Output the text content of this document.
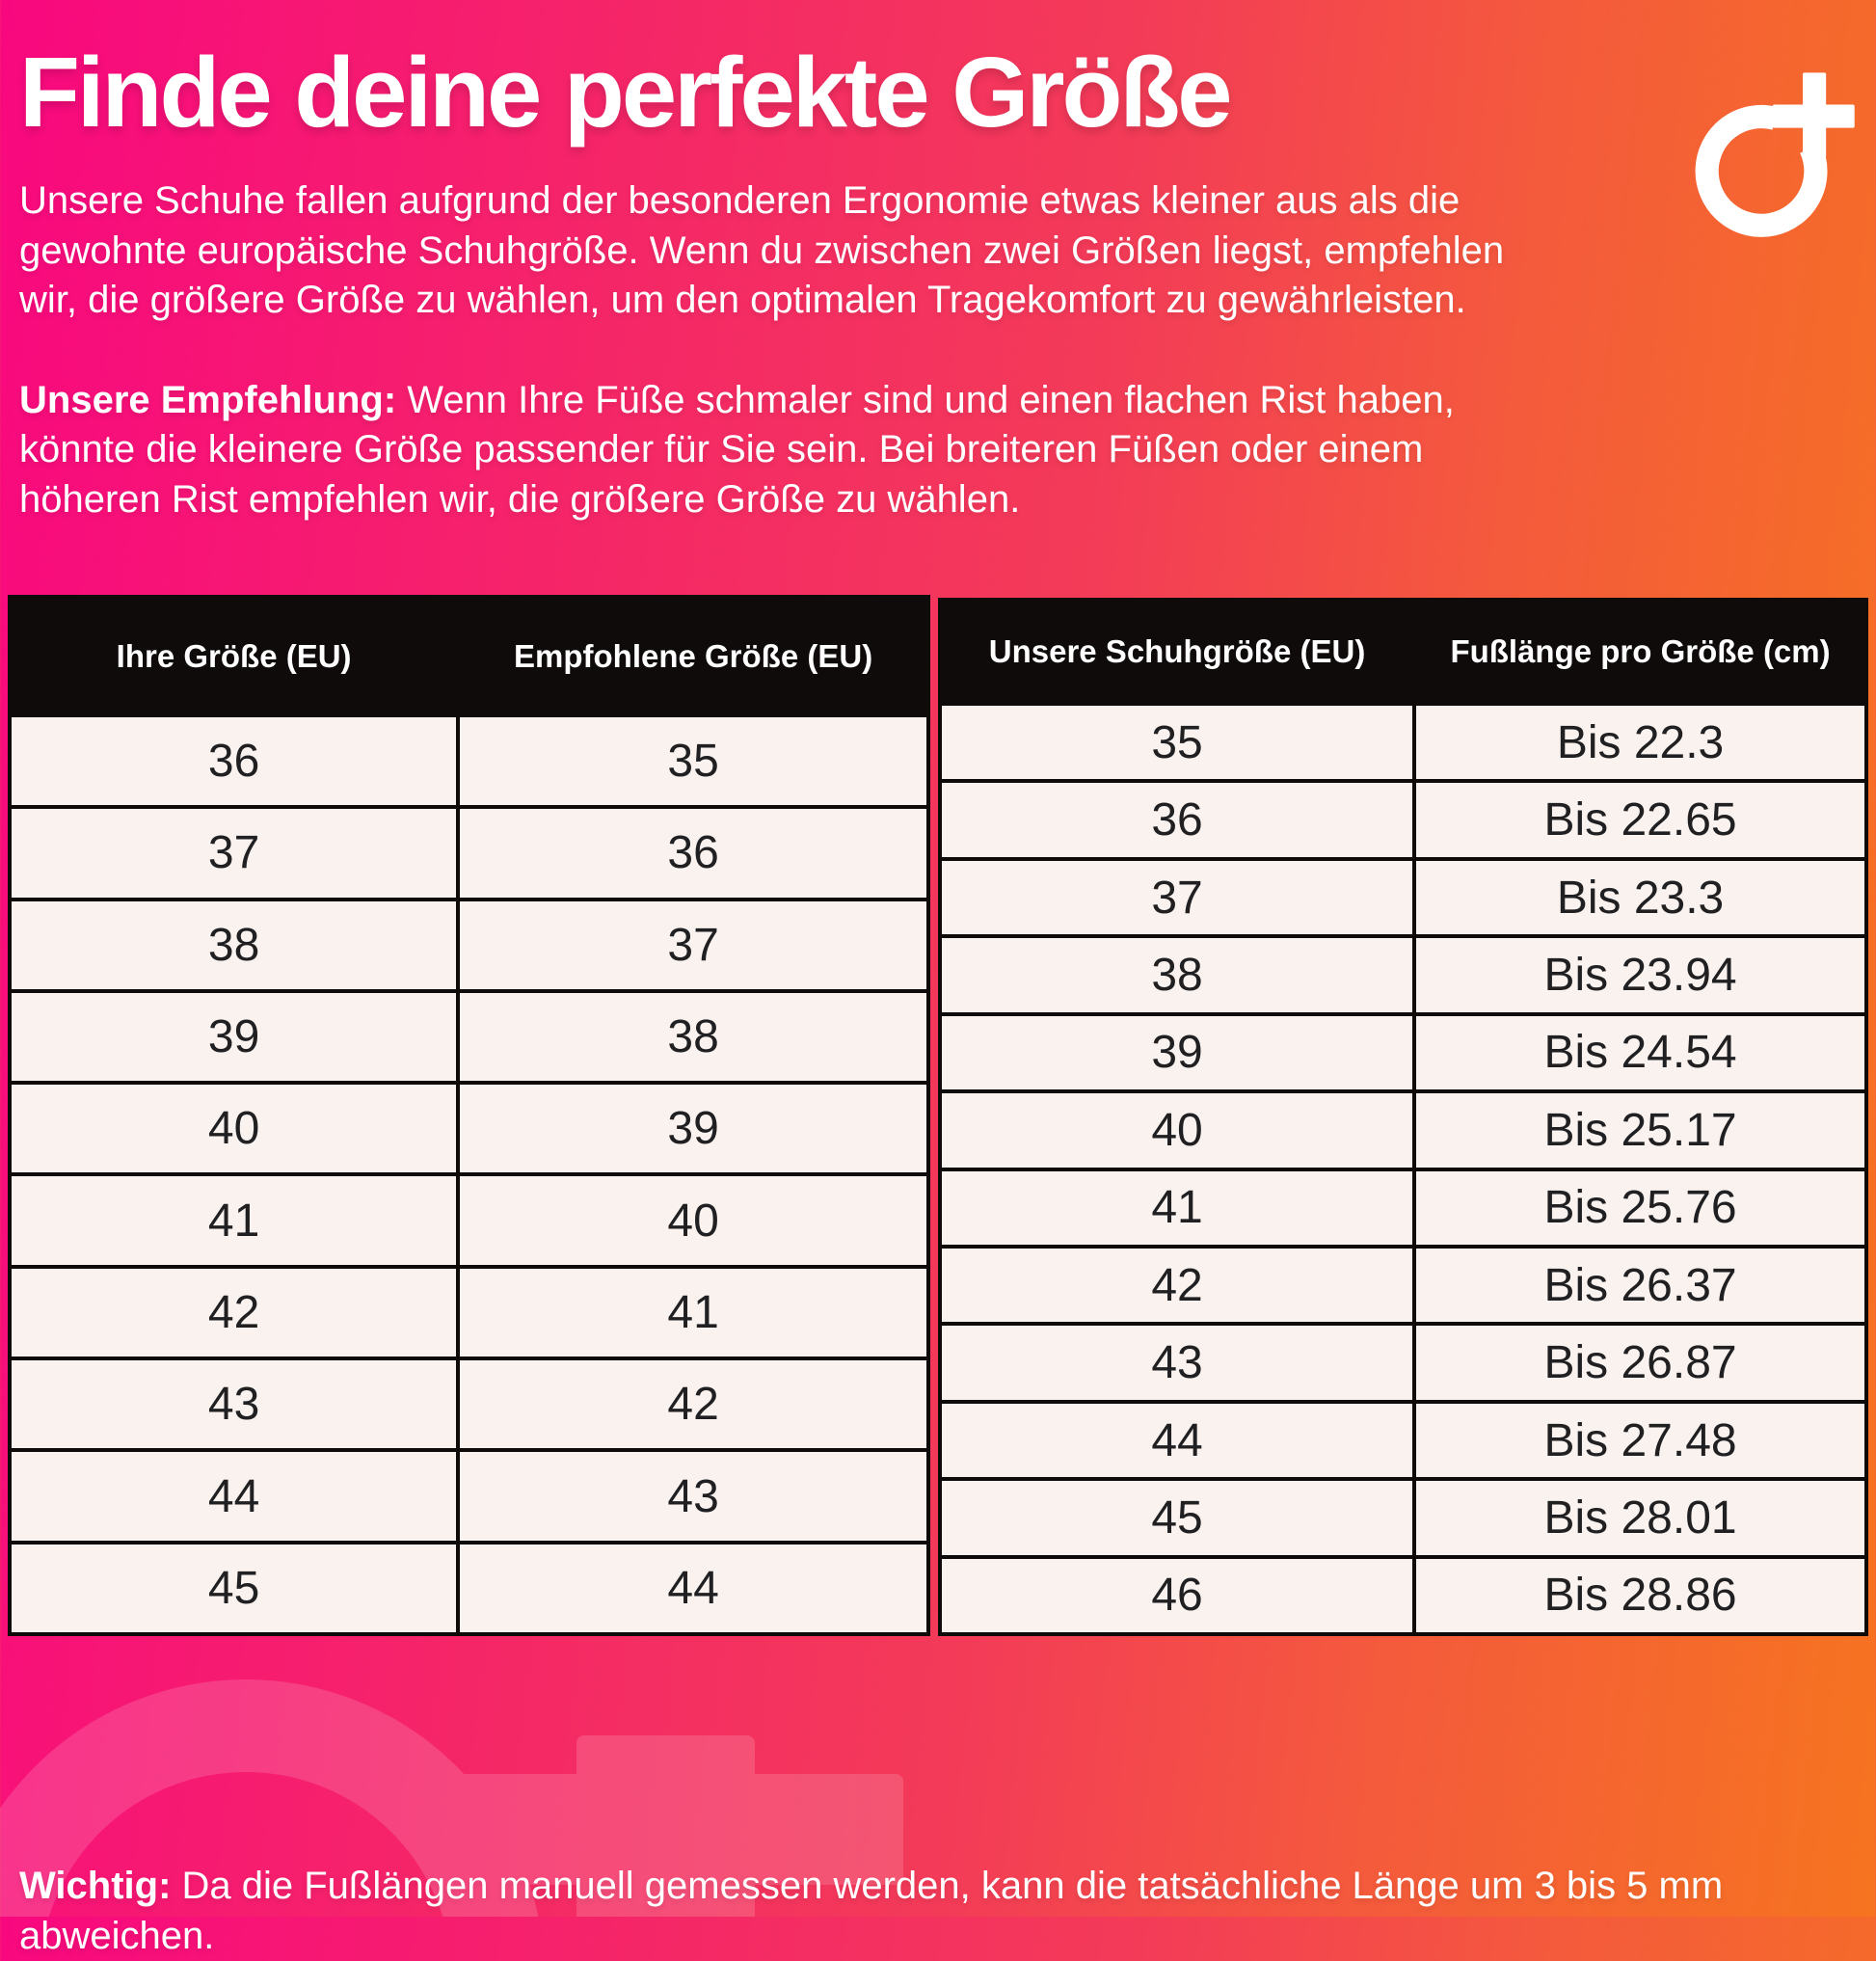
Finde deine perfekte Größe

Unsere Schuhe fallen aufgrund der besonderen Ergonomie etwas kleiner aus als die gewohnte europäische Schuhgröße. Wenn du zwischen zwei Größen liegst, empfehlen wir, die größere Größe zu wählen, um den optimalen Tragekomfort zu gewährleisten.

Unsere Empfehlung: Wenn Ihre Füße schmaler sind und einen flachen Rist haben, könnte die kleinere Größe passender für Sie sein. Bei breiteren Füßen oder einem höheren Rist empfehlen wir, die größere Größe zu wählen.

Ihre Größe (EU)	Empfohlene Größe (EU)
36	35
37	36
38	37
39	38
40	39
41	40
42	41
43	42
44	43
45	44
Unsere Schuhgröße (EU)	Fußlänge pro Größe (cm)
35	Bis 22.3
36	Bis 22.65
37	Bis 23.3
38	Bis 23.94
39	Bis 24.54
40	Bis 25.17
41	Bis 25.76
42	Bis 26.37
43	Bis 26.87
44	Bis 27.48
45	Bis 28.01
46	Bis 28.86

Wichtig: Da die Fußlängen manuell gemessen werden, kann die tatsächliche Länge um 3 bis 5 mm abweichen.
